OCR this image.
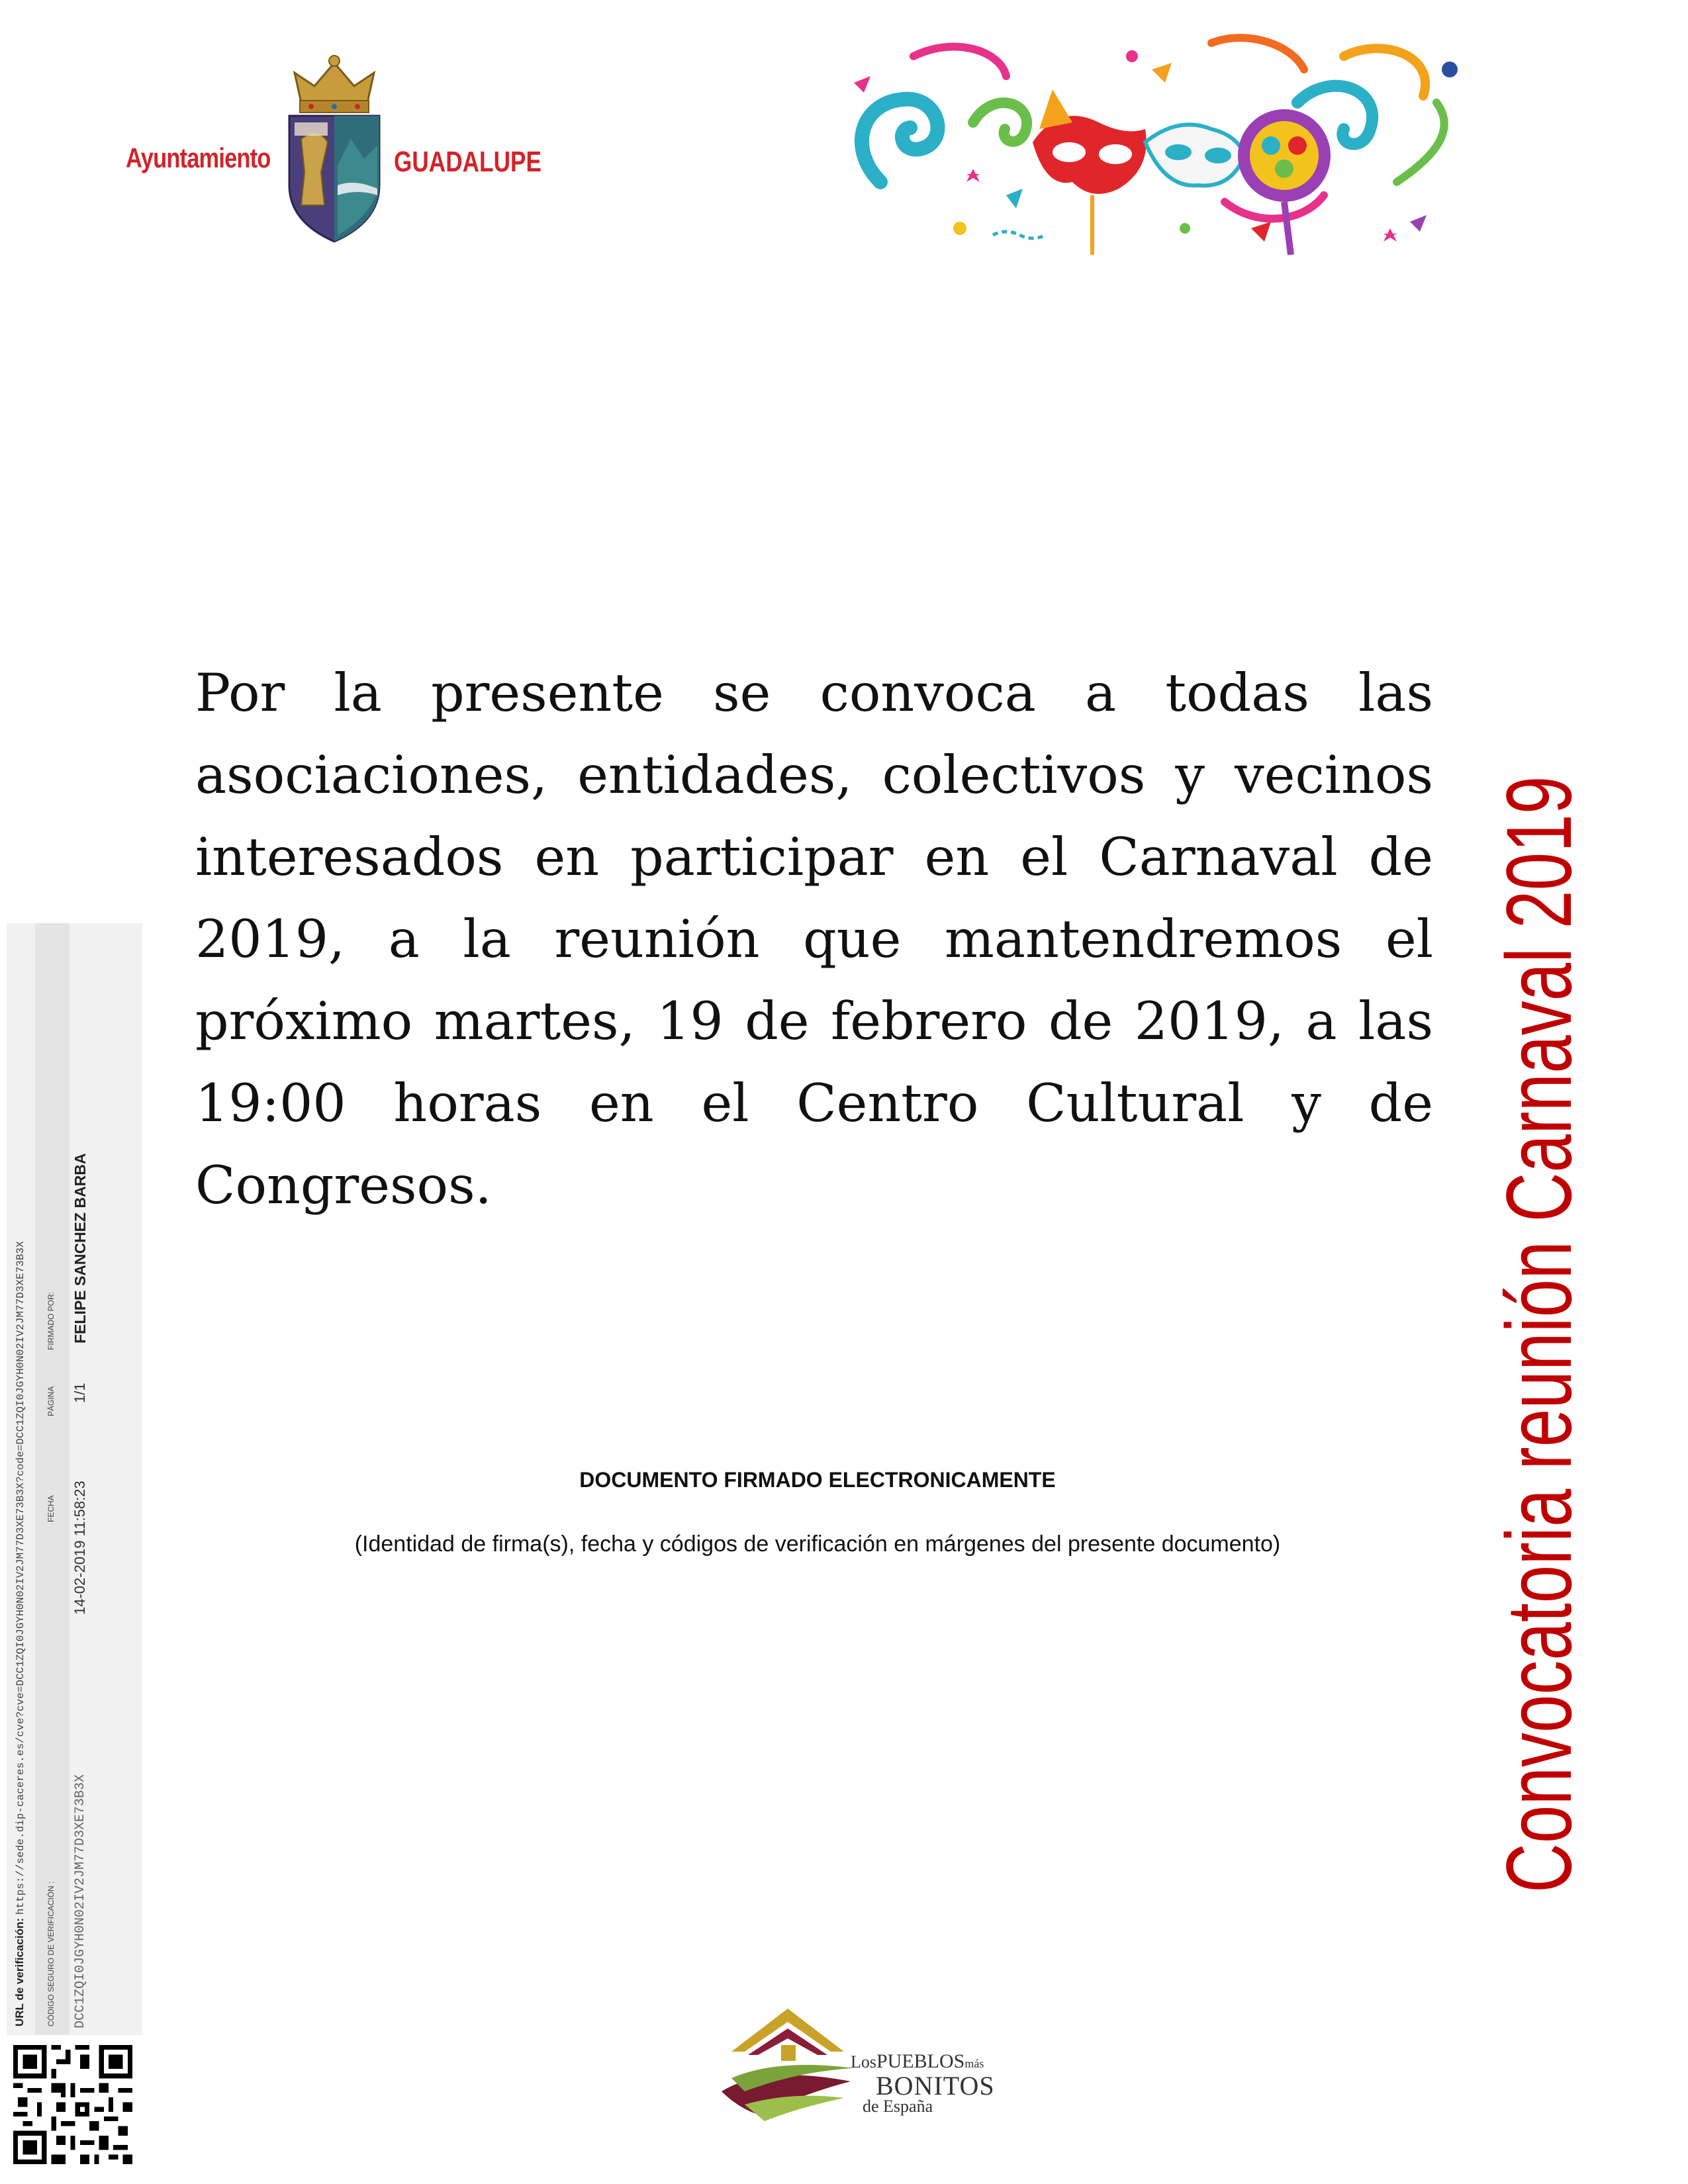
Ayuntamiento	GUADALUPE
Convocatoria reunión Carnaval 2019

Por la presente se convoca a todas las asociaciones, entidades, colectivos y vecinos interesados en participar en el Carnaval de 2019, a la reunión que mantendremos el próximo martes, 19 de febrero de 2019, a las 19:00 horas en el Centro Cultural y de Congresos.

DOCUMENTO FIRMADO ELECTRONICAMENTE
(Identidad de firma(s), fecha y códigos de verificación en márgenes del presente documento)
URL de verificación: https://sede.dip-caceres.es/cve?cve=DCC1ZQI0JGYH0N02IV2JM77D3XE73B3X?code=DCC1ZQI0JGYH0N02IV2JM77D3XE73B3X
CÓDIGO SEGURO DE VERIFICACIÓN : DCC1ZQI0JGYH0N02IV2JM77D3XE73B3X
FECHA 14-02-2019 11:58:23
PÁGINA 1/1
FIRMADO POR: FELIPE SANCHEZ BARBA
LosPUEBLOSmás
BONITOS
de España
